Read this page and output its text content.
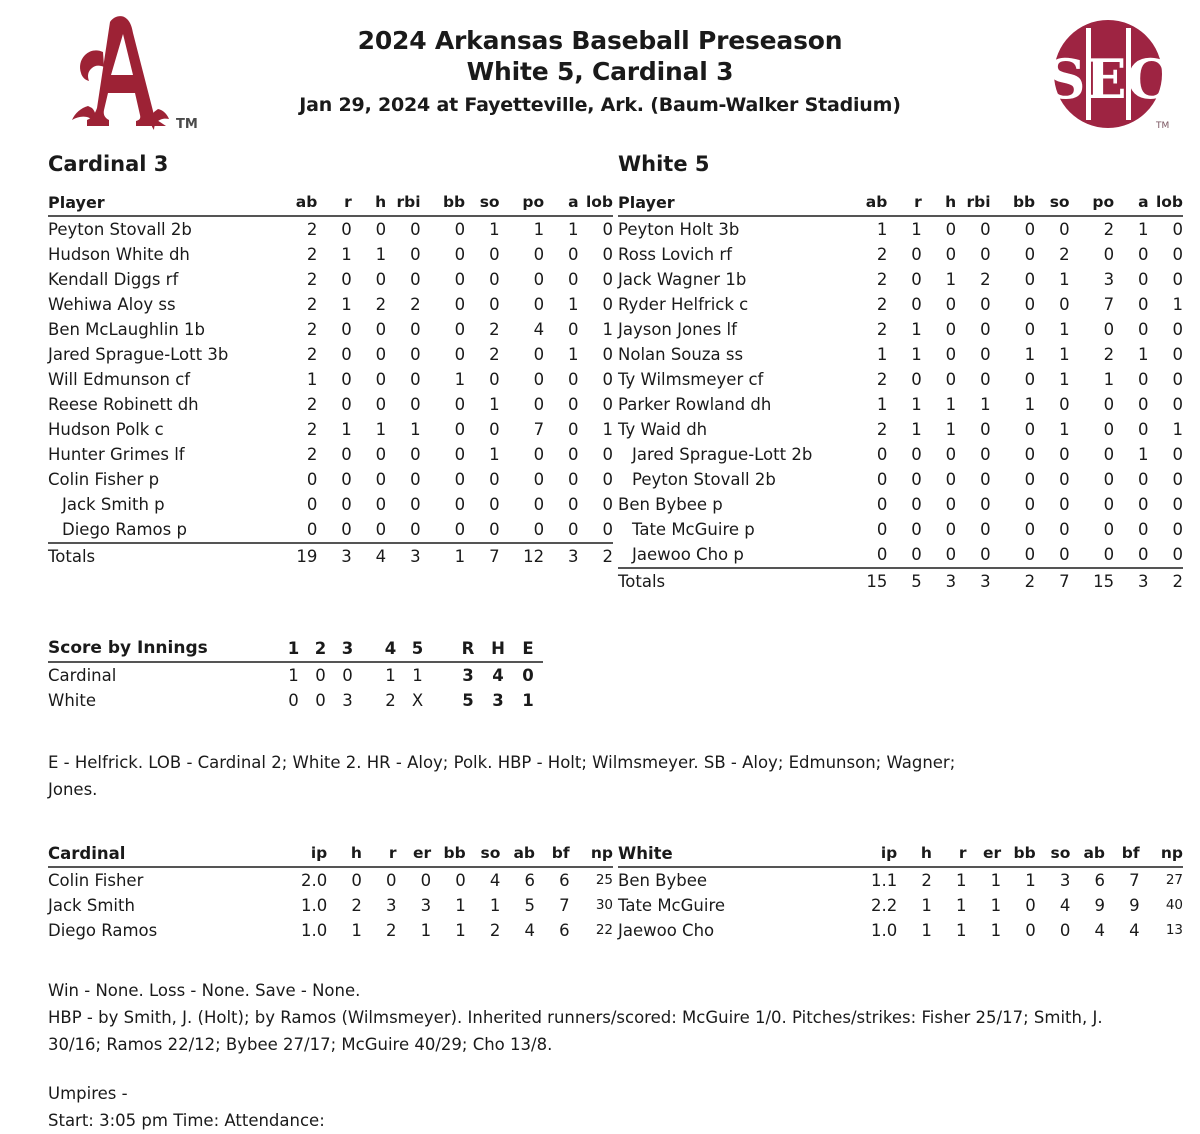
TM
2024 Arkansas Baseball Preseason
White 5, Cardinal 3
Jan 29, 2024 at Fayetteville, Ark. (Baum-Walker Stadium)	SEC
TM
Cardinal 3
Player	ab	r	h	rbi		bb	so		po	a	lob
Peyton Stovall 2b	2	0	0	0		0	1		1	1	0
Hudson White dh	2	1	1	0		0	0		0	0	0
Kendall Diggs rf	2	0	0	0		0	0		0	0	0
Wehiwa Aloy ss	2	1	2	2		0	0		0	1	0
Ben McLaughlin 1b	2	0	0	0		0	2		4	0	1
Jared Sprague-Lott 3b	2	0	0	0		0	2		0	1	0
Will Edmunson cf	1	0	0	0		1	0		0	0	0
Reese Robinett dh	2	0	0	0		0	1		0	0	0
Hudson Polk c	2	1	1	1		0	0		7	0	1
Hunter Grimes lf	2	0	0	0		0	1		0	0	0
Colin Fisher p	0	0	0	0		0	0		0	0	0
Jack Smith p	0	0	0	0		0	0		0	0	0
Diego Ramos p	0	0	0	0		0	0		0	0	0
Totals	19	3	4	3		1	7		12	3	2
White 5
Player	ab	r	h	rbi		bb	so		po	a	lob
Peyton Holt 3b	1	1	0	0		0	0		2	1	0
Ross Lovich rf	2	0	0	0		0	2		0	0	0
Jack Wagner 1b	2	0	1	2		0	1		3	0	0
Ryder Helfrick c	2	0	0	0		0	0		7	0	1
Jayson Jones lf	2	1	0	0		0	1		0	0	0
Nolan Souza ss	1	1	0	0		1	1		2	1	0
Ty Wilmsmeyer cf	2	0	0	0		0	1		1	0	0
Parker Rowland dh	1	1	1	1		1	0		0	0	0
Ty Waid dh	2	1	1	0		0	1		0	0	1
Jared Sprague-Lott 2b	0	0	0	0		0	0		0	1	0
Peyton Stovall 2b	0	0	0	0		0	0		0	0	0
Ben Bybee p	0	0	0	0		0	0		0	0	0
Tate McGuire p	0	0	0	0		0	0		0	0	0
Jaewoo Cho p	0	0	0	0		0	0		0	0	0
Totals	15	5	3	3		2	7		15	3	2
Score by Innings	1	2	3		4	5		R	H	E
Cardinal	1	0	0		1	1		3	4	0
White	0	0	3		2	X		5	3	1
E - Helfrick. LOB - Cardinal 2; White 2. HR - Aloy; Polk. HBP - Holt; Wilmsmeyer. SB - Aloy; Edmunson; Wagner; Jones.
Cardinal	ip	h	r	er	bb	so	ab	bf	np
Colin Fisher	2.0	0	0	0	0	4	6	6	25
Jack Smith	1.0	2	3	3	1	1	5	7	30
Diego Ramos	1.0	1	2	1	1	2	4	6	22
White	ip	h	r	er	bb	so	ab	bf	np
Ben Bybee	1.1	2	1	1	1	3	6	7	27
Tate McGuire	2.2	1	1	1	0	4	9	9	40
Jaewoo Cho	1.0	1	1	1	0	0	4	4	13
Win - None. Loss - None. Save - None.
HBP - by Smith, J. (Holt); by Ramos (Wilmsmeyer). Inherited runners/scored: McGuire 1/0. Pitches/strikes: Fisher 25/17; Smith, J. 30/16; Ramos 22/12; Bybee 27/17; McGuire 40/29; Cho 13/8.
Umpires -
Start: 3:05 pm Time: Attendance:
